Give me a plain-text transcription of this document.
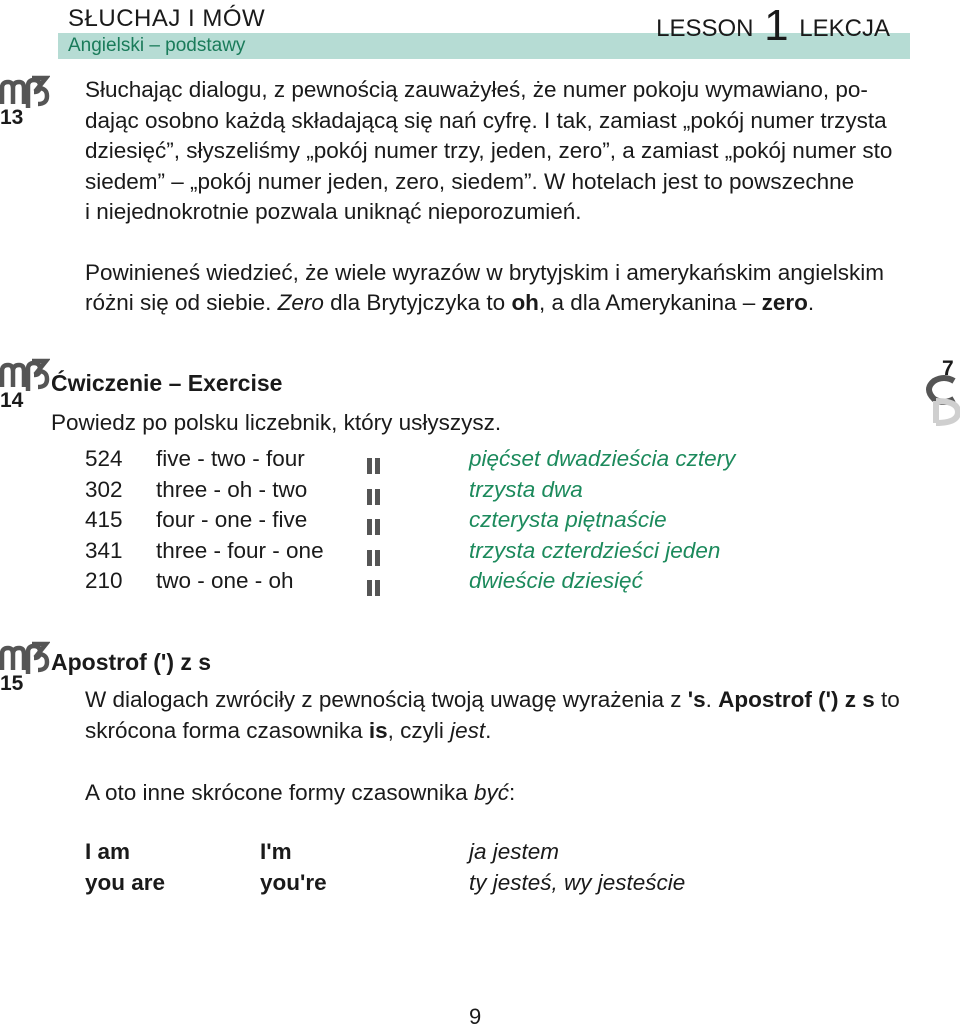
SŁUCHAJ I MÓW
Angielski – podstawy
LESSON 1 LEKCJA
13

Słuchając dialogu, z pewnością zauważyłeś, że numer pokoju wymawiano, po-
dając osobno każdą składającą się nań cyfrę. I tak, zamiast „pokój numer trzysta
dziesięć”, słyszeliśmy „pokój numer trzy, jeden, zero”, a zamiast „pokój numer sto
siedem” – „pokój numer jeden, zero, siedem”. W hotelach jest to powszechne
i niejednokrotnie pozwala uniknąć nieporozumień.

Powinieneś wiedzieć, że wiele wyrazów w brytyjskim i amerykańskim angielskim
różni się od siebie. Zero dla Brytyjczyka to oh, a dla Amerykanina – zero.

14
7
Ćwiczenie – Exercise
Powiedz po polsku liczebnik, który usłyszysz.
524 five - two - four	pięćset dwadzieścia cztery
302 three - oh - two	trzysta dwa
415 four - one - five	czterysta piętnaście
341 three - four - one	trzysta czterdzieści jeden
210 two - one - oh	dwieście dziesięć
15
Apostrof (') z s

W dialogach zwróciły z pewnością twoją uwagę wyrażenia z 's. Apostrof (') z s to
skrócona forma czasownika is, czyli jest.

A oto inne skrócone formy czasownika być:

I am	I'm	ja jestem
you are	you're	ty jesteś, wy jesteście
9
